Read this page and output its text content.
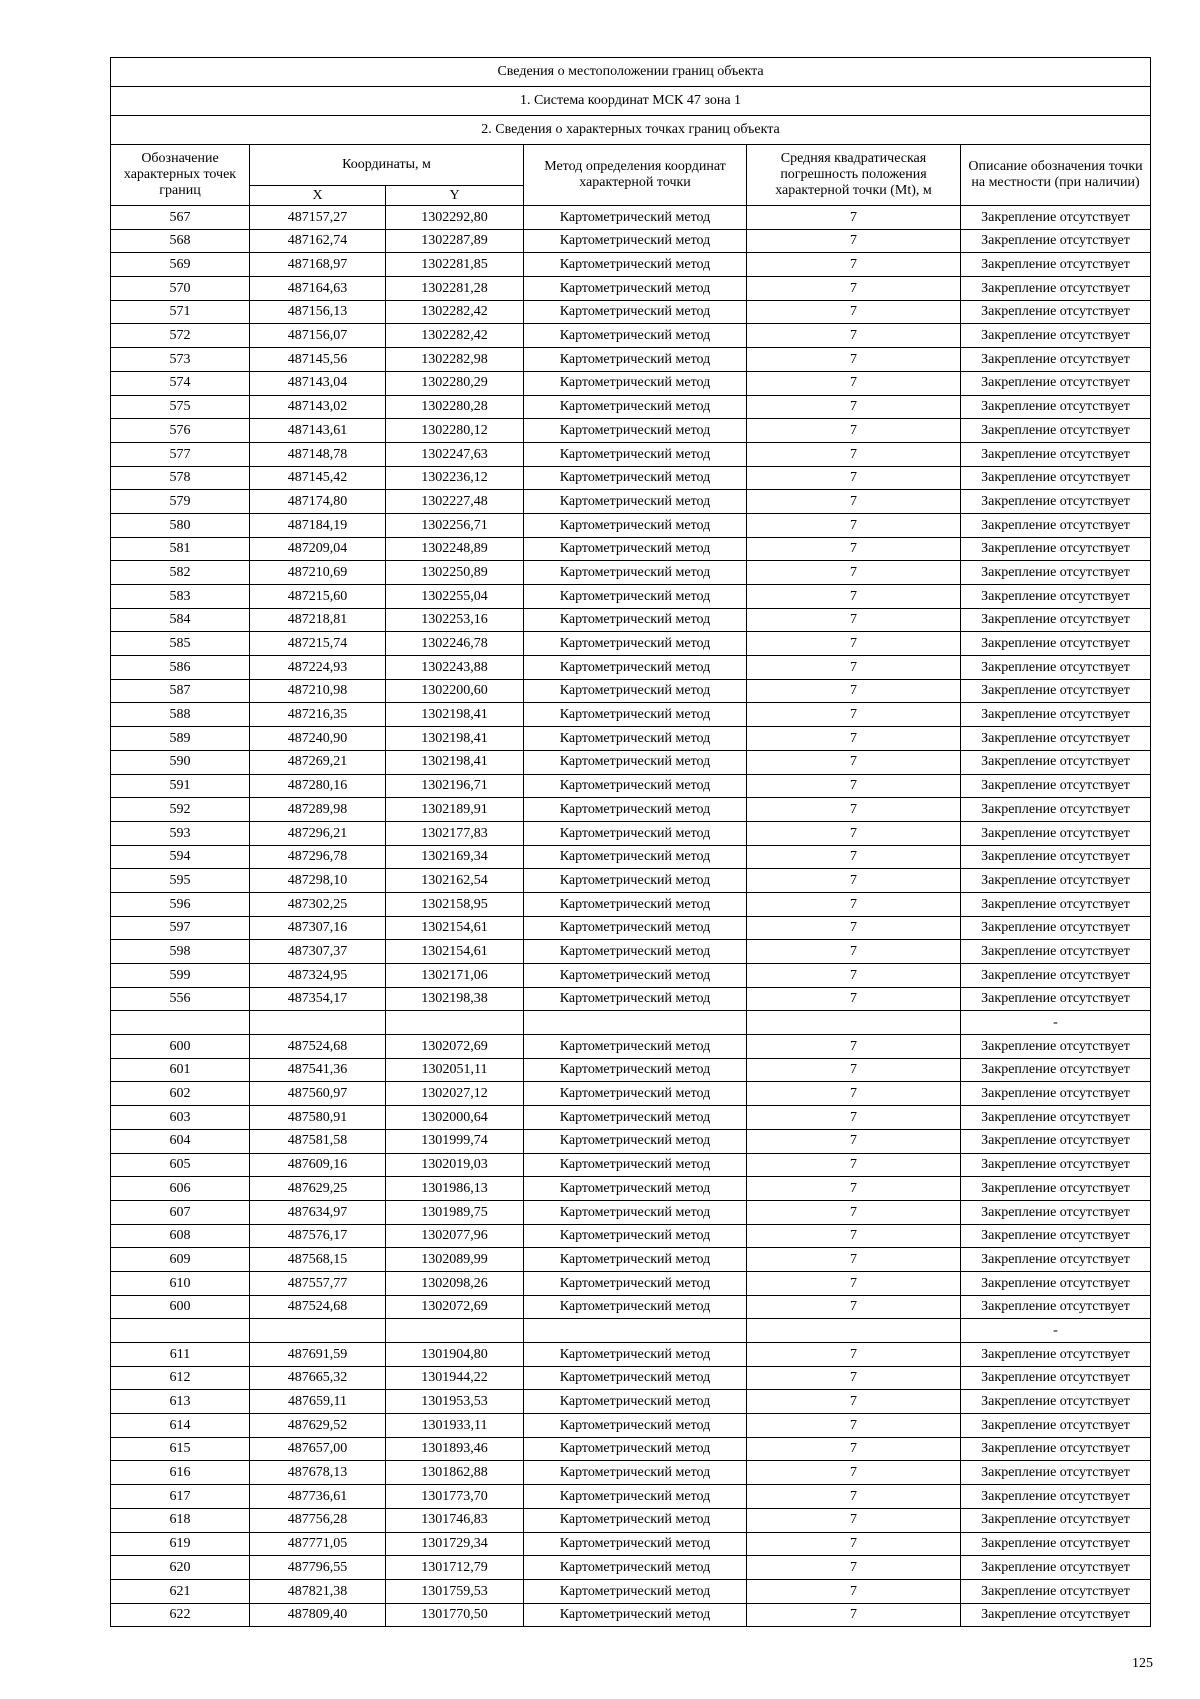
Сведения о местоположении границ объекта					
1. Система координат МСК 47 зона 1					
2. Сведения о характерных точках границ объекта					
Обозначение характерных точек границ	Координаты, м		Метод определения координат характерной точки	Средняя квадратическая погрешность положения характерной точки (Mt), м	Описание обозначения точки на местности (при наличии)
	X	Y			
567	487157,27	1302292,80	Картометрический метод	7	Закрепление отсутствует
568	487162,74	1302287,89	Картометрический метод	7	Закрепление отсутствует
569	487168,97	1302281,85	Картометрический метод	7	Закрепление отсутствует
570	487164,63	1302281,28	Картометрический метод	7	Закрепление отсутствует
571	487156,13	1302282,42	Картометрический метод	7	Закрепление отсутствует
572	487156,07	1302282,42	Картометрический метод	7	Закрепление отсутствует
573	487145,56	1302282,98	Картометрический метод	7	Закрепление отсутствует
574	487143,04	1302280,29	Картометрический метод	7	Закрепление отсутствует
575	487143,02	1302280,28	Картометрический метод	7	Закрепление отсутствует
576	487143,61	1302280,12	Картометрический метод	7	Закрепление отсутствует
577	487148,78	1302247,63	Картометрический метод	7	Закрепление отсутствует
578	487145,42	1302236,12	Картометрический метод	7	Закрепление отсутствует
579	487174,80	1302227,48	Картометрический метод	7	Закрепление отсутствует
580	487184,19	1302256,71	Картометрический метод	7	Закрепление отсутствует
581	487209,04	1302248,89	Картометрический метод	7	Закрепление отсутствует
582	487210,69	1302250,89	Картометрический метод	7	Закрепление отсутствует
583	487215,60	1302255,04	Картометрический метод	7	Закрепление отсутствует
584	487218,81	1302253,16	Картометрический метод	7	Закрепление отсутствует
585	487215,74	1302246,78	Картометрический метод	7	Закрепление отсутствует
586	487224,93	1302243,88	Картометрический метод	7	Закрепление отсутствует
587	487210,98	1302200,60	Картометрический метод	7	Закрепление отсутствует
588	487216,35	1302198,41	Картометрический метод	7	Закрепление отсутствует
589	487240,90	1302198,41	Картометрический метод	7	Закрепление отсутствует
590	487269,21	1302198,41	Картометрический метод	7	Закрепление отсутствует
591	487280,16	1302196,71	Картометрический метод	7	Закрепление отсутствует
592	487289,98	1302189,91	Картометрический метод	7	Закрепление отсутствует
593	487296,21	1302177,83	Картометрический метод	7	Закрепление отсутствует
594	487296,78	1302169,34	Картометрический метод	7	Закрепление отсутствует
595	487298,10	1302162,54	Картометрический метод	7	Закрепление отсутствует
596	487302,25	1302158,95	Картометрический метод	7	Закрепление отсутствует
597	487307,16	1302154,61	Картометрический метод	7	Закрепление отсутствует
598	487307,37	1302154,61	Картометрический метод	7	Закрепление отсутствует
599	487324,95	1302171,06	Картометрический метод	7	Закрепление отсутствует
556	487354,17	1302198,38	Картометрический метод	7	Закрепление отсутствует
					-
600	487524,68	1302072,69	Картометрический метод	7	Закрепление отсутствует
601	487541,36	1302051,11	Картометрический метод	7	Закрепление отсутствует
602	487560,97	1302027,12	Картометрический метод	7	Закрепление отсутствует
603	487580,91	1302000,64	Картометрический метод	7	Закрепление отсутствует
604	487581,58	1301999,74	Картометрический метод	7	Закрепление отсутствует
605	487609,16	1302019,03	Картометрический метод	7	Закрепление отсутствует
606	487629,25	1301986,13	Картометрический метод	7	Закрепление отсутствует
607	487634,97	1301989,75	Картометрический метод	7	Закрепление отсутствует
608	487576,17	1302077,96	Картометрический метод	7	Закрепление отсутствует
609	487568,15	1302089,99	Картометрический метод	7	Закрепление отсутствует
610	487557,77	1302098,26	Картометрический метод	7	Закрепление отсутствует
600	487524,68	1302072,69	Картометрический метод	7	Закрепление отсутствует
					-
611	487691,59	1301904,80	Картометрический метод	7	Закрепление отсутствует
612	487665,32	1301944,22	Картометрический метод	7	Закрепление отсутствует
613	487659,11	1301953,53	Картометрический метод	7	Закрепление отсутствует
614	487629,52	1301933,11	Картометрический метод	7	Закрепление отсутствует
615	487657,00	1301893,46	Картометрический метод	7	Закрепление отсутствует
616	487678,13	1301862,88	Картометрический метод	7	Закрепление отсутствует
617	487736,61	1301773,70	Картометрический метод	7	Закрепление отсутствует
618	487756,28	1301746,83	Картометрический метод	7	Закрепление отсутствует
619	487771,05	1301729,34	Картометрический метод	7	Закрепление отсутствует
620	487796,55	1301712,79	Картометрический метод	7	Закрепление отсутствует
621	487821,38	1301759,53	Картометрический метод	7	Закрепление отсутствует
622	487809,40	1301770,50	Картометрический метод	7	Закрепление отсутствует
125
